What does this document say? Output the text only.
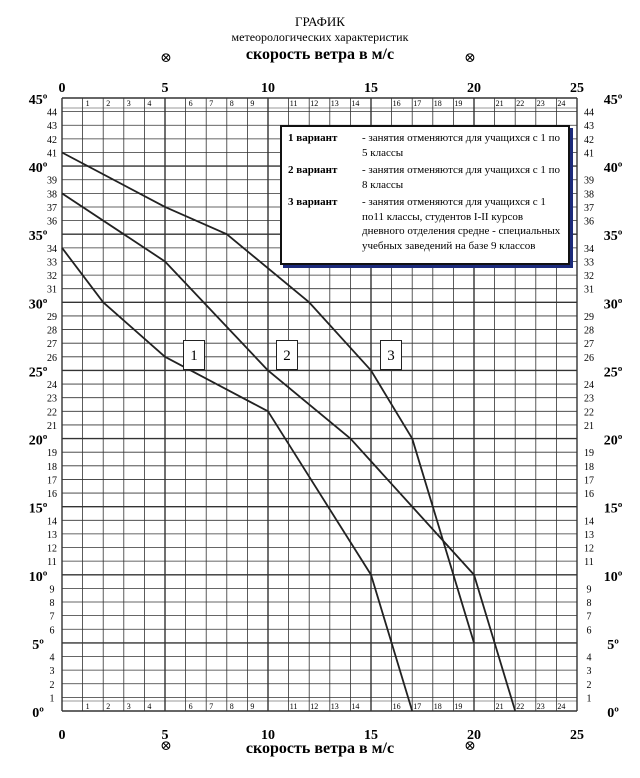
ГРАФИК
метеорологических характеристик
скорость ветра в м/с
скорость ветра в м/с
0
0
5
5
10
10
15
15
20
20
25
25
1
1
2
2
3
3
4
4
6
6
7
7
8
8
9
9
11
11
12
12
13
13
14
14
16
16
17
17
18
18
19
19
21
21
22
22
23
23
24
24
0º	0º
5º	5º
10º	10º
15º	15º
20º	20º
25º	25º
30º	30º
35º	35º
40º	40º
45º	45º
1	1
2	2
3	3
4	4
6	6
7	7
8	8
9	9
11	11
12	12
13	13
14	14
16	16
17	17
18	18
19	19
21	21
22	22
23	23
24	24
26	26
27	27
28	28
29	29
31	31
32	32
33	33
34	34
36	36
37	37
38	38
39	39
41	41
42	42
43	43
44	44
⊗	⊗
⊗	⊗
1 вариант	- занятия отменяются для учащихся с 1 по 5 классы
2 вариант	- занятия отменяются для учащихся с 1 по 8 классы
3 вариант	- занятия отменяются для учащихся с 1 по11 классы, студентов I-II курсов дневного отделения средне - специальных учебных заведений на базе 9 классов
1	2	3
